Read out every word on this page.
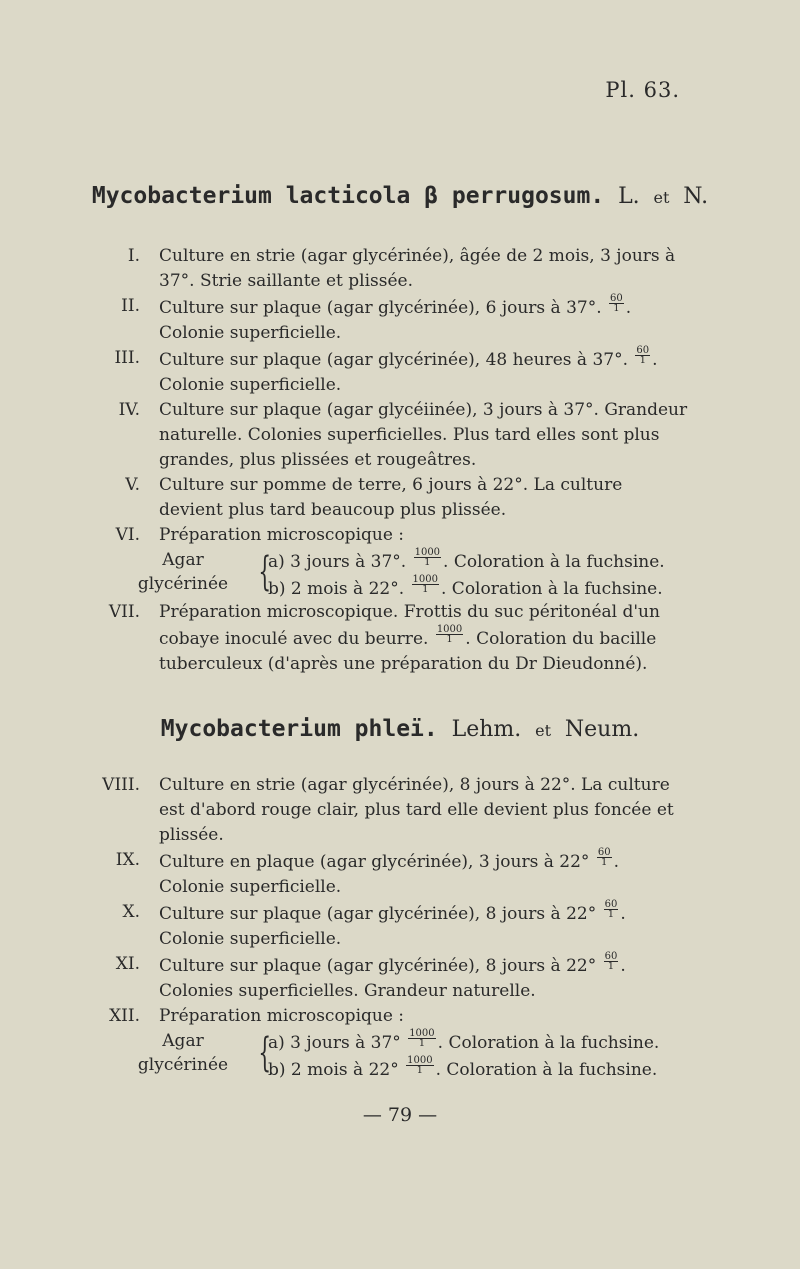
Pl. 63.
Mycobacterium lacticola β perrugosum. L. et N.
I. Culture en strie (agar glycérinée), âgée de 2 mois, 3 jours à 37°. Strie saillante et plissée.
II. Culture sur plaque (agar glycérinée), 6 jours à 37°. $\frac{60}{1}$ . Colonie superficielle.
III. Culture sur plaque (agar glycérinée), 48 heures à 37°. $\frac{60}{1}$ . Colonie superficielle.
IV. Culture sur plaque (agar glycéiinée), 3 jours à 37°. Grandeur naturelle. Colonies superficielles. Plus tard elles sont plus grandes, plus plissées et rougeâtres.
V. Culture sur pomme de terre, 6 jours à 22°. La culture devient plus tard beaucoup plus plissée.
VI. Préparation microscopique :
Agar
glycérinée {
a) 3 jours à 37°. $\frac{1000}{1}$ . Coloration à la fuchsine.
b) 2 mois à 22°. $\frac{1000}{1}$ . Coloration à la fuchsine.
VII. Préparation microscopique. Frottis du suc péritonéal d'un cobaye inoculé avec du beurre. $\frac{1000}{1}$ . Coloration du bacille tuberculeux (d'après une préparation du Dr Dieudonné).
Mycobacterium phleï. Lehm. et Neum.
VIII. Culture en strie (agar glycérinée), 8 jours à 22°. La culture est d'abord rouge clair, plus tard elle devient plus foncée et plissée.
IX. Culture en plaque (agar glycérinée), 3 jours à $22^\circ \frac{60}{1}$ . Colonie superficielle.
X. Culture sur plaque (agar glycérinée), 8 jours à $22^\circ \frac{60}{1}$ . Colonie superficielle.
XI. Culture sur plaque (agar glycérinée), 8 jours à $22^\circ \frac{60}{1}$ . Colonies superficielles. Grandeur naturelle.
XII. Préparation microscopique :
Agar
glycérinée {
a) 3 jours à $37^\circ \frac{1000}{1}$ . Coloration à la fuchsine.
b) 2 mois à $22^\circ \frac{1000}{1}$ . Coloration à la fuchsine.
— 79 —
